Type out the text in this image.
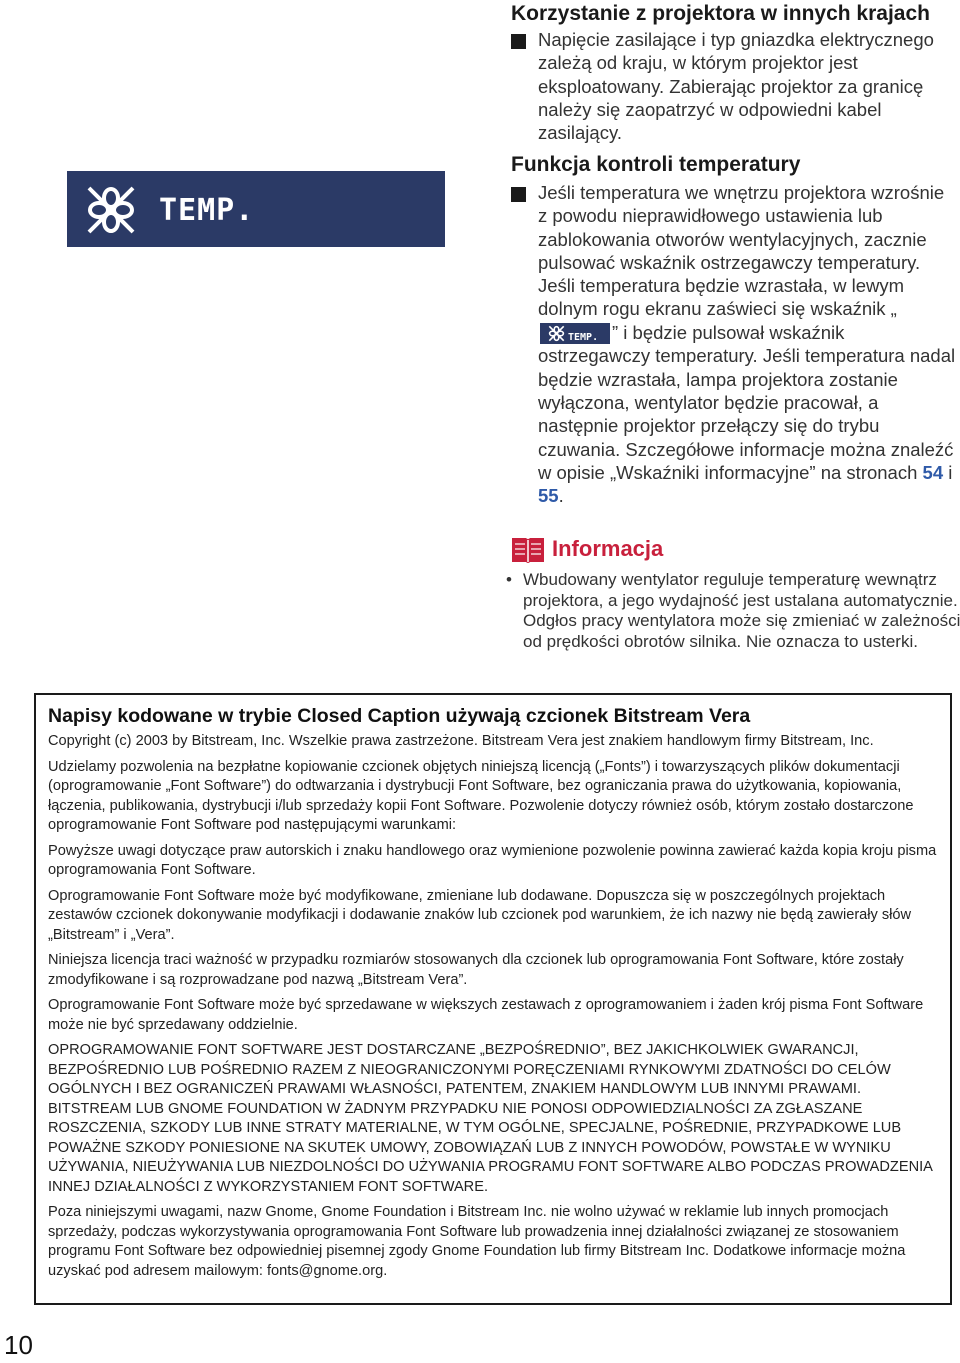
Korzystanie z projektora w innych krajach
Napięcie zasilające i typ gniazdka elektrycznego zależą od kraju, w którym projektor jest eksploatowany. Zabierając projektor za granicę należy się zaopatrzyć w odpowiedni kabel zasilający.
TEMP.
Funkcja kontroli temperatury
Jeśli temperatura we wnętrzu projektora wzrośnie z powodu nieprawidłowego ustawienia lub zablokowania otworów wentylacyjnych, zacznie pulsować wskaźnik ostrzegawczy temperatury. Jeśli temperatura będzie wzrastała, w lewym dolnym rogu ekranu zaświeci się wskaźnik „
TEMP. ” i będzie pulsował wskaźnik ostrzegawczy temperatury. Jeśli temperatura nadal będzie wzrastała, lampa projektora zostanie wyłączona, wentylator będzie pracował, a następnie projektor przełączy się do trybu czuwania. Szczegółowe informacje można znaleźć w opisie „Wskaźniki informacyjne” na stronach 54 i 55.
Informacja
• Wbudowany wentylator reguluje temperaturę wewnątrz projektora, a jego wydajność jest ustalana automatycznie. Odgłos pracy wentylatora może się zmieniać w zależności od prędkości obrotów silnika. Nie oznacza to usterki.
Napisy kodowane w trybie Closed Caption używają czcionek Bitstream Vera
Copyright (c) 2003 by Bitstream, Inc. Wszelkie prawa zastrzeżone. Bitstream Vera jest znakiem handlowym firmy Bitstream, Inc.
Udzielamy pozwolenia na bezpłatne kopiowanie czcionek objętych niniejszą licencją („Fonts”) i towarzyszących plików dokumentacji (oprogramowanie „Font Software”) do odtwarzania i dystrybucji Font Software, bez ograniczania prawa do użytkowania, kopiowania, łączenia, publikowania, dystrybucji i/lub sprzedaży kopii Font Software. Pozwolenie dotyczy również osób, którym zostało dostarczone oprogramowanie Font Software pod następującymi warunkami:
Powyższe uwagi dotyczące praw autorskich i znaku handlowego oraz wymienione pozwolenie powinna zawierać każda kopia kroju pisma oprogramowania Font Software.
Oprogramowanie Font Software może być modyfikowane, zmieniane lub dodawane. Dopuszcza się w poszczególnych projektach zestawów czcionek dokonywanie modyfikacji i dodawanie znaków lub czcionek pod warunkiem, że ich nazwy nie będą zawierały słów „Bitstream” i „Vera”.
Niniejsza licencja traci ważność w przypadku rozmiarów stosowanych dla czcionek lub oprogramowania Font Software, które zostały zmodyfikowane i są rozprowadzane pod nazwą „Bitstream Vera”.
Oprogramowanie Font Software może być sprzedawane w większych zestawach z oprogramowaniem i żaden krój pisma Font Software może nie być sprzedawany oddzielnie.
OPROGRAMOWANIE FONT SOFTWARE JEST DOSTARCZANE „BEZPOŚREDNIO”, BEZ JAKICHKOLWIEK GWARANCJI, BEZPOŚREDNIO LUB POŚREDNIO RAZEM Z NIEOGRANICZONYMI PORĘCZENIAMI RYNKOWYMI ZDATNOŚCI DO CELÓW OGÓLNYCH I BEZ OGRANICZEŃ PRAWAMI WŁASNOŚCI, PATENTEM, ZNAKIEM HANDLOWYM LUB INNYMI PRAWAMI. BITSTREAM LUB GNOME FOUNDATION W ŻADNYM PRZYPADKU NIE PONOSI ODPOWIEDZIALNOŚCI ZA ZGŁASZANE ROSZCZENIA, SZKODY LUB INNE STRATY MATERIALNE, W TYM OGÓLNE, SPECJALNE, POŚREDNIE, PRZYPADKOWE LUB POWAŻNE SZKODY PONIESIONE NA SKUTEK UMOWY, ZOBOWIĄZAŃ LUB Z INNYCH POWODÓW, POWSTAŁE W WYNIKU UŻYWANIA, NIEUŻYWANIA LUB NIEZDOLNOŚCI DO UŻYWANIA PROGRAMU FONT SOFTWARE ALBO PODCZAS PROWADZENIA INNEJ DZIAŁALNOŚCI Z WYKORZYSTANIEM FONT SOFTWARE.
Poza niniejszymi uwagami, nazw Gnome, Gnome Foundation i Bitstream Inc. nie wolno używać w reklamie lub innych promocjach sprzedaży, podczas wykorzystywania oprogramowania Font Software lub prowadzenia innej działalności związanej ze stosowaniem programu Font Software bez odpowiedniej pisemnej zgody Gnome Foundation lub firmy Bitstream Inc. Dodatkowe informacje można uzyskać pod adresem mailowym: fonts@gnome.org.
10
